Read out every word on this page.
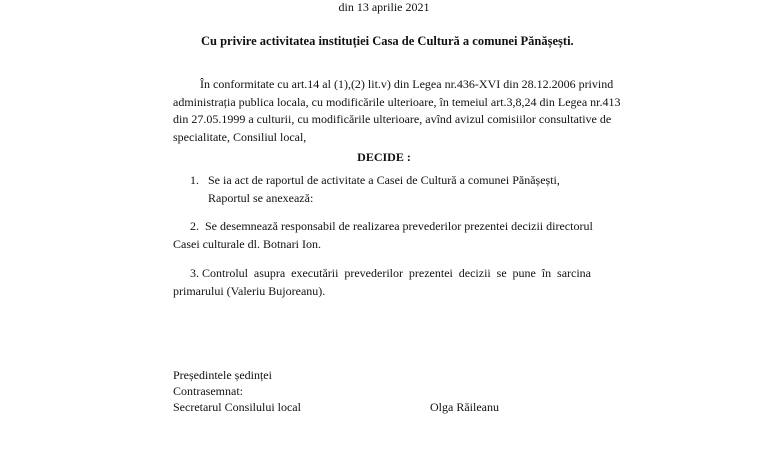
din 13 aprilie 2021
Cu privire activitatea instituției Casa de Cultură a comunei Pănășești.
În conformitate cu art.14 al (1),(2) lit.v) din Legea nr.436-XVI din 28.12.2006 privind
administrația publica locala, cu modificările ulterioare, în temeiul art.3,8,24 din Legea nr.413
din 27.05.1999 a culturii, cu modificările ulterioare, avînd avizul comisiilor consultative de
specialitate, Consiliul local,
DECIDE :
1. Se ia act de raportul de activitate a Casei de Cultură a comunei Pănășești,
Raportul se anexează:
2. Se desemnează responsabil de realizarea prevederilor prezentei decizii directorul
Casei culturale dl. Botnari Ion.
3. Controlul asupra executării prevederilor prezentei decizii se pune în sarcina
primarului (Valeriu Bujoreanu).
Președintele ședinței
Contrasemnat:
Secretarul Consilului local	Olga Răileanu
